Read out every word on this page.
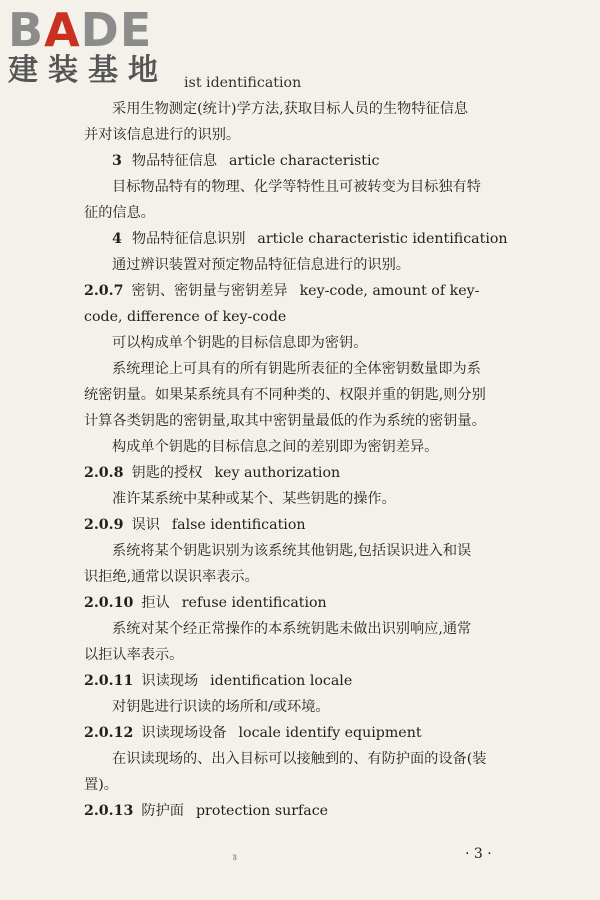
BADE
建装基地	ist identification
采用生物测定(统计)学方法,获取目标人员的生物特征信息
并对该信息进行的识别。
3 物品特征信息 article characteristic
目标物品特有的物理、化学等特性且可被转变为目标独有特
征的信息。
4 物品特征信息识别 article characteristic identification
通过辨识装置对预定物品特征信息进行的识别。
2.0.7 密钥、密钥量与密钥差异 key-code, amount of key-
code, difference of key-code
可以构成单个钥匙的目标信息即为密钥。
系统理论上可具有的所有钥匙所表征的全体密钥数量即为系
统密钥量。如果某系统具有不同种类的、权限并重的钥匙,则分别
计算各类钥匙的密钥量,取其中密钥量最低的作为系统的密钥量。
构成单个钥匙的目标信息之间的差别即为密钥差异。
2.0.8 钥匙的授权 key authorization
准许某系统中某种或某个、某些钥匙的操作。
2.0.9 误识 false identification
系统将某个钥匙识别为该系统其他钥匙,包括误识进入和误
识拒绝,通常以误识率表示。
2.0.10 拒认 refuse identification
系统对某个经正常操作的本系统钥匙未做出识别响应,通常
以拒认率表示。
2.0.11 识读现场 identification locale
对钥匙进行识读的场所和/或环境。
2.0.12 识读现场设备 locale identify equipment
在识读现场的、出入目标可以接触到的、有防护面的设备(装
置)。
2.0.13 防护面 protection surface
ɤ	· 3 ·
